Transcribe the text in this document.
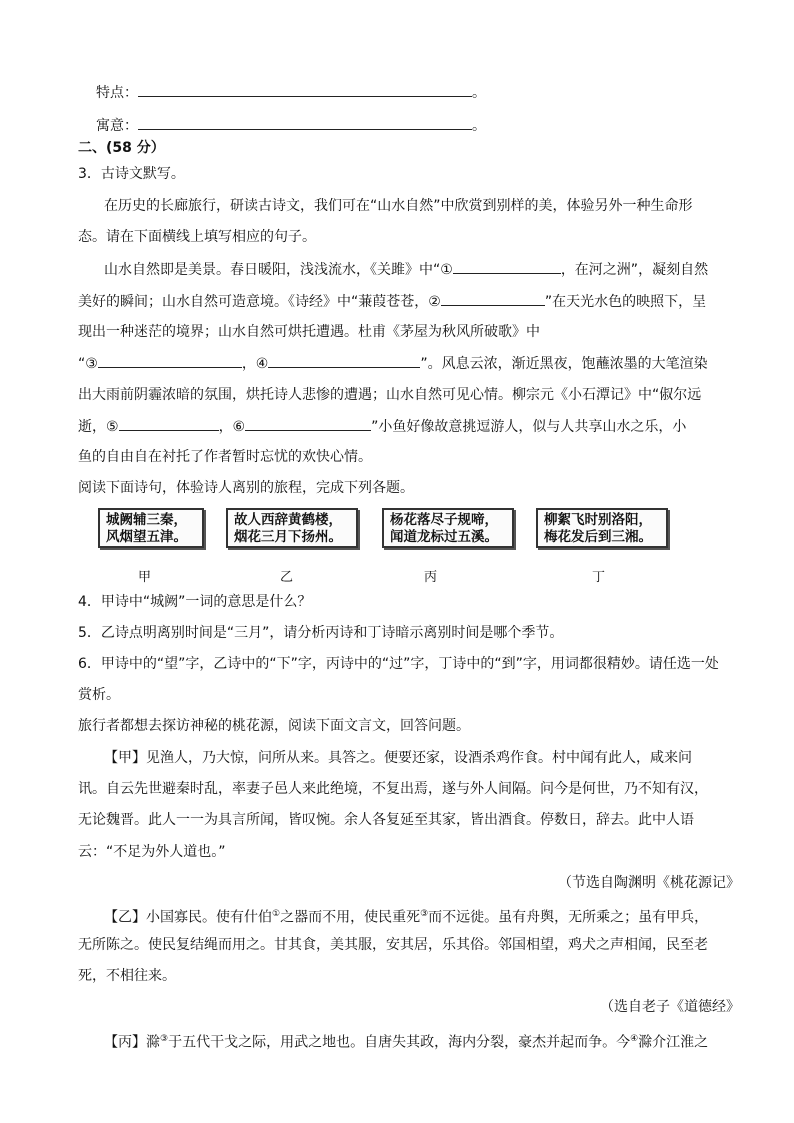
特点：	。
寓意：	。
二、(58 分）
3．古诗文默写。
在历史的长廊旅行，研读古诗文，我们可在“山水自然”中欣赏到别样的美，体验另外一种生命形
态。请在下面横线上填写相应的句子。
山水自然即是美景。春日暖阳，浅浅流水，《关雎》中“①	，在河之洲”，凝刻自然
美好的瞬间；山水自然可造意境。《诗经》中“蒹葭苍苍，②	”在天光水色的映照下，呈
现出一种迷茫的境界；山水自然可烘托遭遇。杜甫《茅屋为秋风所破歌》中
“③	，④	”。风息云浓，渐近黑夜，饱蘸浓墨的大笔渲染
出大雨前阴霾浓暗的氛围，烘托诗人悲惨的遭遇；山水自然可见心情。柳宗元《小石潭记》中“俶尔远
逝，⑤	，⑥	”小鱼好像故意挑逗游人，似与人共享山水之乐，小
鱼的自由自在衬托了作者暂时忘忧的欢快心情。
阅读下面诗句，体验诗人离别的旅程，完成下列各题。
城阙辅三秦，
风烟望五津。
故人西辞黄鹤楼，
烟花三月下扬州。
杨花落尽子规啼，
闻道龙标过五溪。
柳絮飞时别洛阳，
梅花发后到三湘。
甲	乙	丙	丁
4．甲诗中“城阙”一词的意思是什么？
5．乙诗点明离别时间是“三月”，请分析丙诗和丁诗暗示离别时间是哪个季节。
6．甲诗中的“望”字，乙诗中的“下”字，丙诗中的“过”字，丁诗中的“到”字，用词都很精妙。请任选一处
赏析。
旅行者都想去探访神秘的桃花源，阅读下面文言文，回答问题。
【甲】见渔人，乃大惊，问所从来。具答之。便要还家，设酒杀鸡作食。村中闻有此人，咸来问
讯。自云先世避秦时乱，率妻子邑人来此绝境，不复出焉，遂与外人间隔。问今是何世，乃不知有汉，
无论魏晋。此人一一为具言所闻，皆叹惋。余人各复延至其家，皆出酒食。停数日，辞去。此中人语
云：“不足为外人道也。”
（节选自陶渊明《桃花源记》
【乙】小国寡民。使有什伯①之器而不用，使民重死③而不远徙。虽有舟舆，无所乘之；虽有甲兵，
无所陈之。使民复结绳而用之。甘其食，美其服，安其居，乐其俗。邻国相望，鸡犬之声相闻，民至老
死，不相往来。
（选自老子《道德经》
【丙】滁③于五代干戈之际，用武之地也。自唐失其政，海内分裂，豪杰并起而争。今④滁介江淮之
